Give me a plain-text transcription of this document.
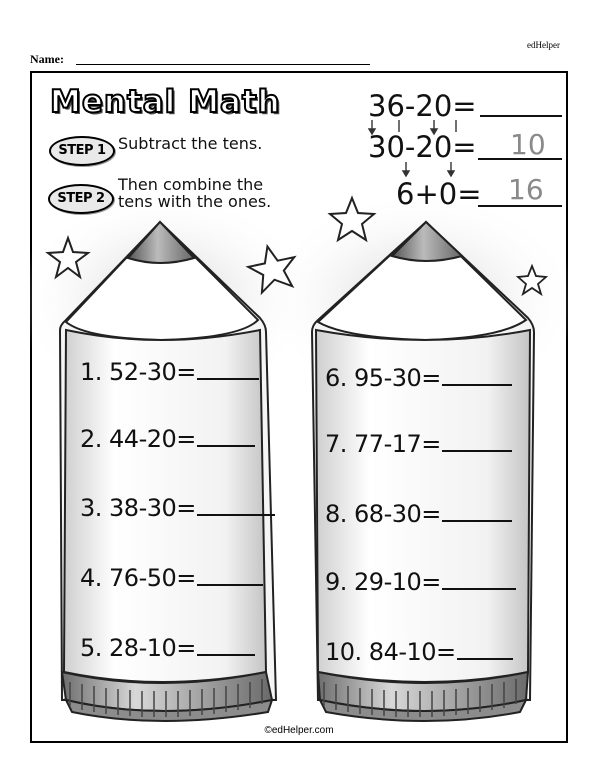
edHelper
Name:
36-20=
30-20= 10
6+0= 16
©edHelper.com
Mental Math
STEP 1 Subtract the tens.
STEP 2
Then combine the
tens with the ones.
1. 52-30=
2. 44-20=
3. 38-30=
4. 76-50=
5. 28-10=
6. 95-30=
7. 77-17=
8. 68-30=
9. 29-10=
10. 84-10=
